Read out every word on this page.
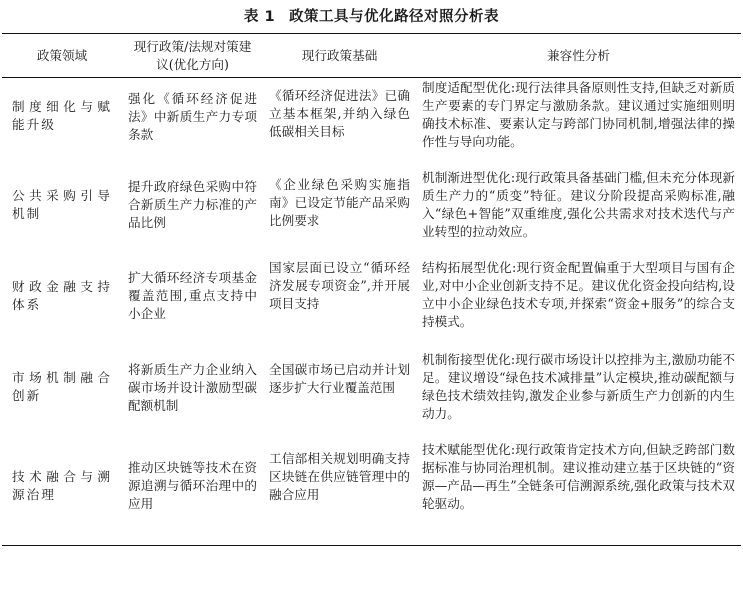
表 1 政策工具与优化路径对照分析表
政策领域	现行政策/法规对策建议(优化方向)	现行政策基础	兼容性分析

制度细化与赋能升级	强化《循环经济促进法》中新质生产力专项条款	《循环经济促进法》已确立基本框架,并纳入绿色低碳相关目标	制度适配型优化:现行法律具备原则性支持,但缺乏对新质生产要素的专门界定与激励条款。建议通过实施细则明确技术标准、要素认定与跨部门协同机制,增强法律的操作性与导向功能。

公共采购引导机制	提升政府绿色采购中符合新质生产力标准的产品比例	《企业绿色采购实施指南》已设定节能产品采购比例要求	机制渐进型优化:现行政策具备基础门槛,但未充分体现新质生产力的“质变”特征。建议分阶段提高采购标准,融入“绿色+智能”双重维度,强化公共需求对技术迭代与产业转型的拉动效应。

财政金融支持体系	扩大循环经济专项基金覆盖范围,重点支持中小企业	国家层面已设立“循环经济发展专项资金”,并开展项目支持	结构拓展型优化:现行资金配置偏重于大型项目与国有企业,对中小企业创新支持不足。建议优化资金投向结构,设立中小企业绿色技术专项,并探索“资金+服务”的综合支持模式。

市场机制融合创新	将新质生产力企业纳入碳市场并设计激励型碳配额机制	全国碳市场已启动并计划逐步扩大行业覆盖范围	机制衔接型优化:现行碳市场设计以控排为主,激励功能不足。建议增设“绿色技术减排量”认定模块,推动碳配额与绿色技术绩效挂钩,激发企业参与新质生产力创新的内生动力。

技术融合与溯源治理	推动区块链等技术在资源追溯与循环治理中的应用	工信部相关规划明确支持区块链在供应链管理中的融合应用	技术赋能型优化:现行政策肯定技术方向,但缺乏跨部门数据标准与协同治理机制。建议推动建立基于区块链的“资源—产品—再生”全链条可信溯源系统,强化政策与技术双轮驱动。
